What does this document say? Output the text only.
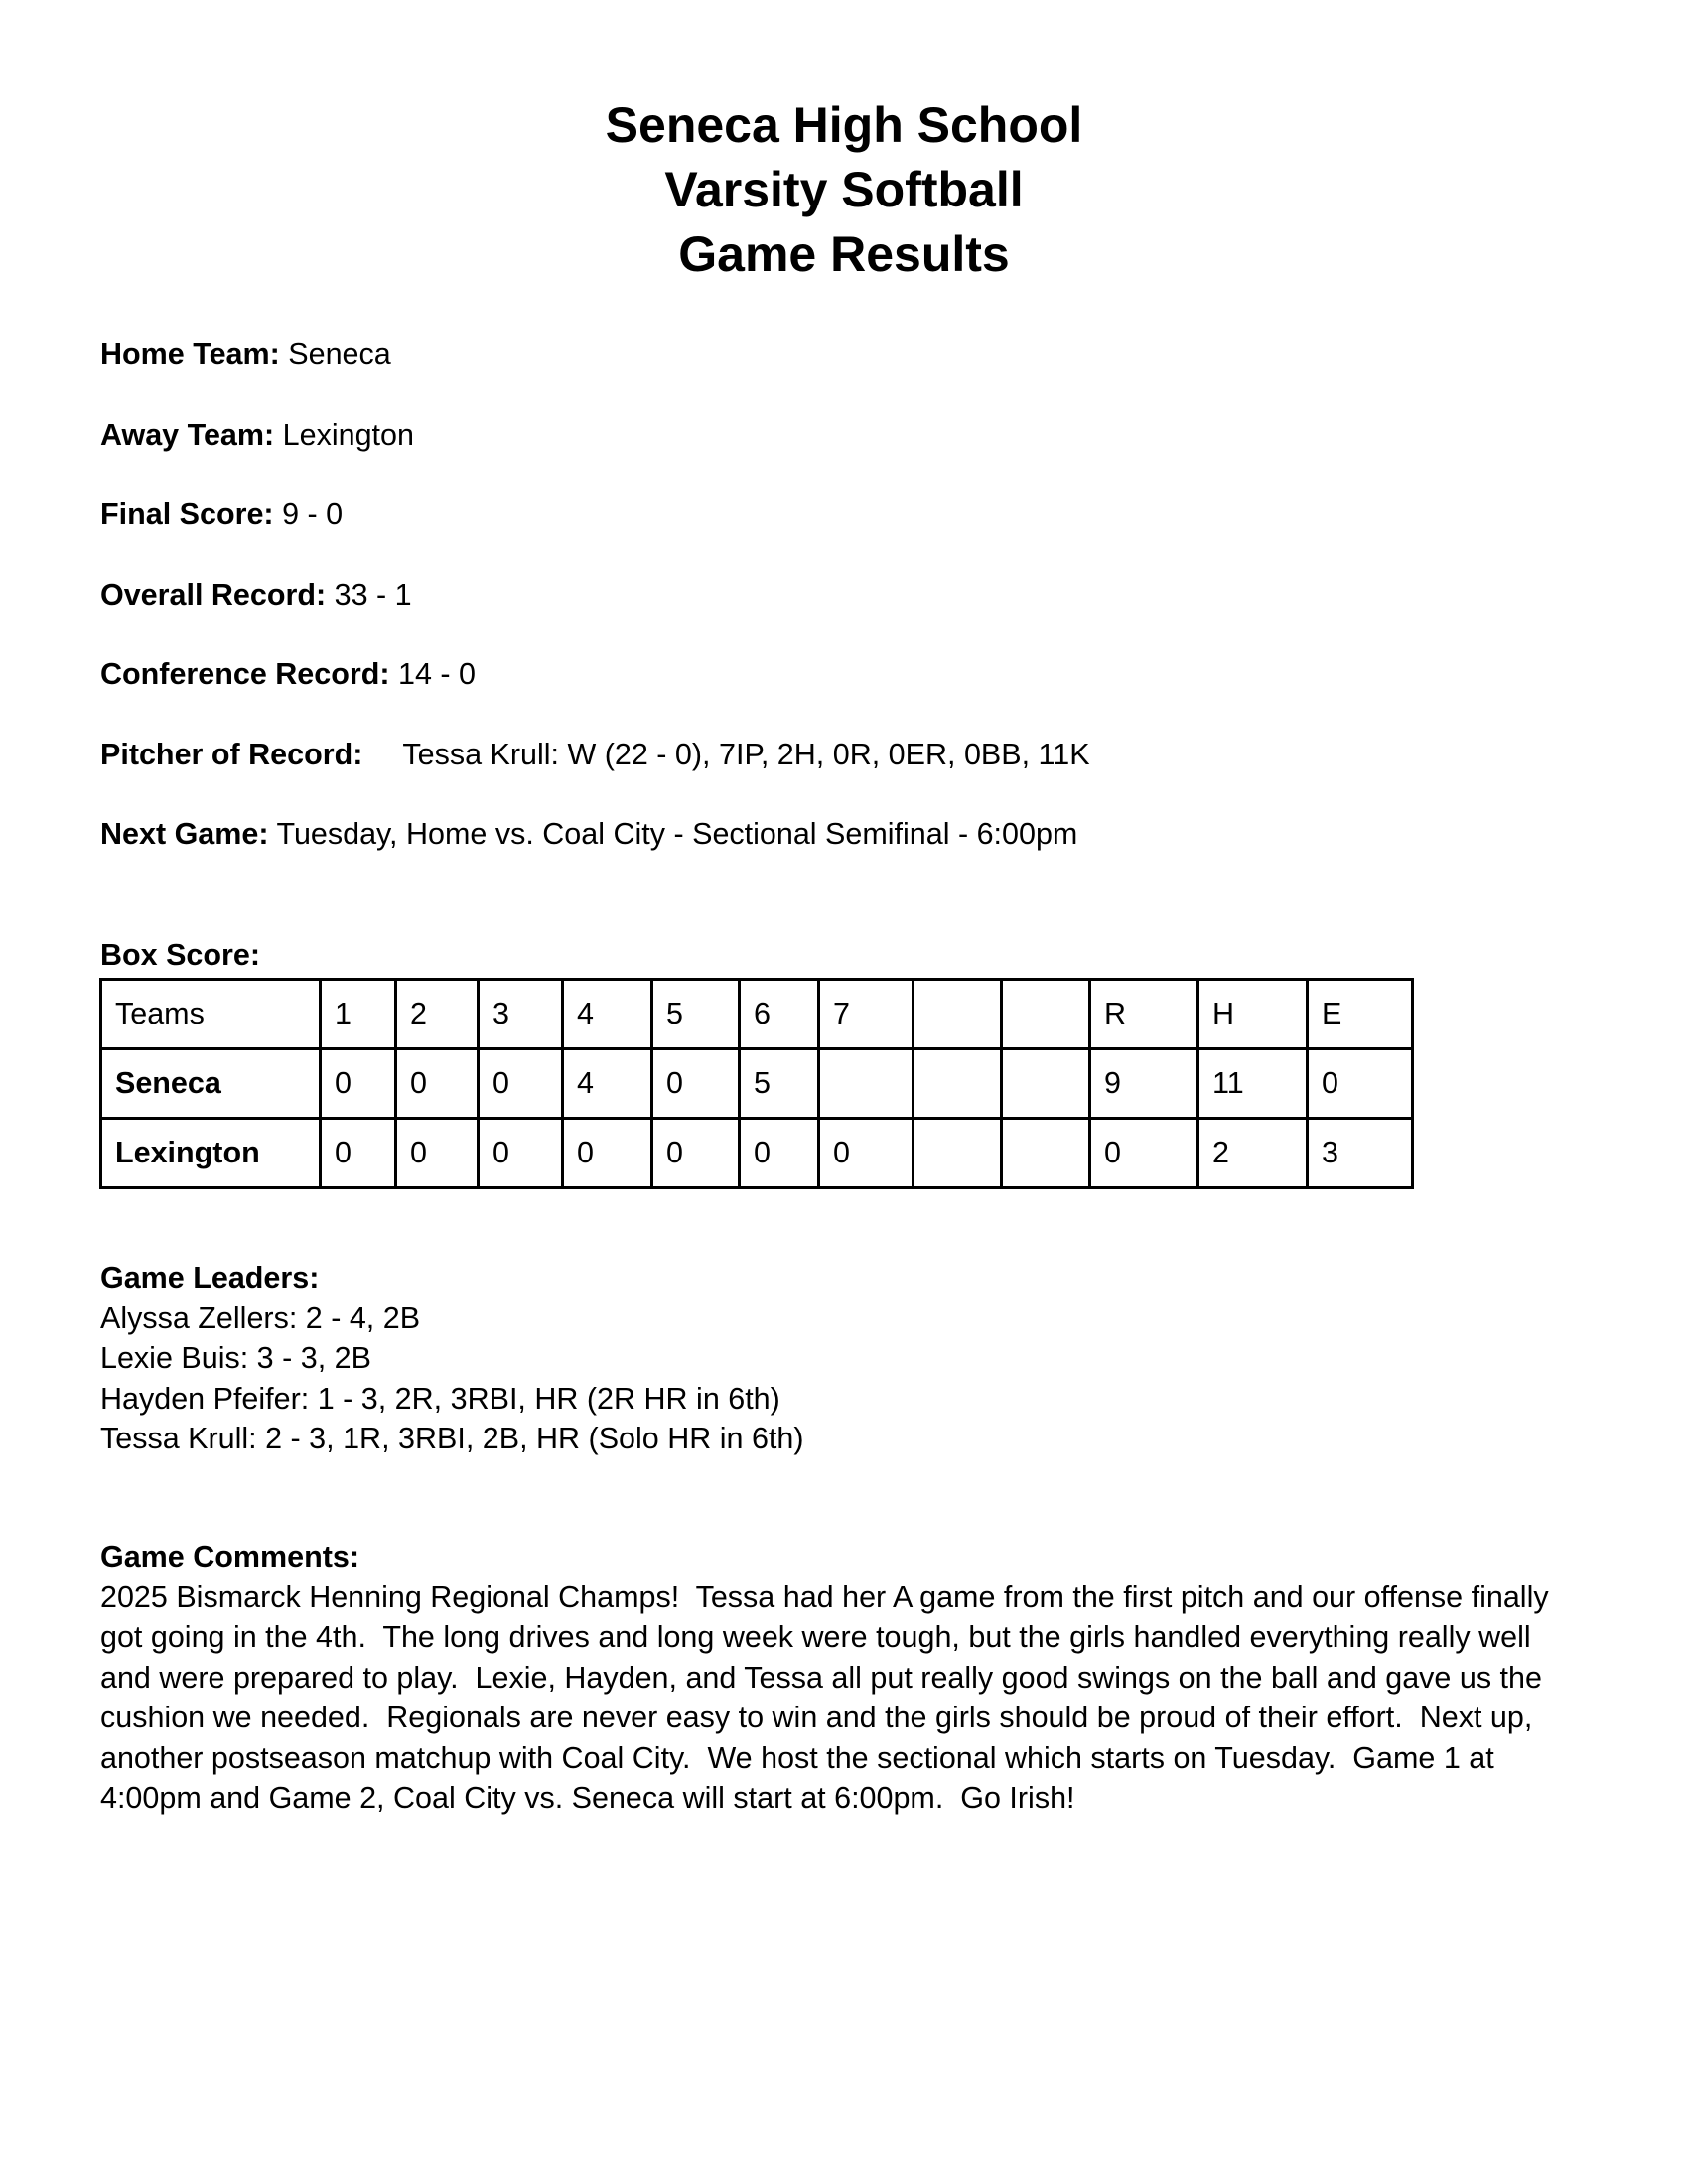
Seneca High School
Varsity Softball
Game Results
Home Team: Seneca
Away Team: Lexington
Final Score: 9 - 0
Overall Record: 33 - 1
Conference Record: 14 - 0
Pitcher of Record: Tessa Krull: W (22 - 0), 7IP, 2H, 0R, 0ER, 0BB, 11K
Next Game: Tuesday, Home vs. Coal City - Sectional Semifinal - 6:00pm
Box Score:
Teams	1	2	3	4	5	6	7			R	H	E
Seneca	0	0	0	4	0	5				9	11	0
Lexington	0	0	0	0	0	0	0			0	2	3
Game Leaders:
Alyssa Zellers: 2 - 4, 2B
Lexie Buis: 3 - 3, 2B
Hayden Pfeifer: 1 - 3, 2R, 3RBI, HR (2R HR in 6th)
Tessa Krull: 2 - 3, 1R, 3RBI, 2B, HR (Solo HR in 6th)
Game Comments:
2025 Bismarck Henning Regional Champs!  Tessa had her A game from the first pitch and our offense finally
got going in the 4th.  The long drives and long week were tough, but the girls handled everything really well
and were prepared to play.  Lexie, Hayden, and Tessa all put really good swings on the ball and gave us the
cushion we needed.  Regionals are never easy to win and the girls should be proud of their effort.  Next up,
another postseason matchup with Coal City.  We host the sectional which starts on Tuesday.  Game 1 at
4:00pm and Game 2, Coal City vs. Seneca will start at 6:00pm.  Go Irish!
